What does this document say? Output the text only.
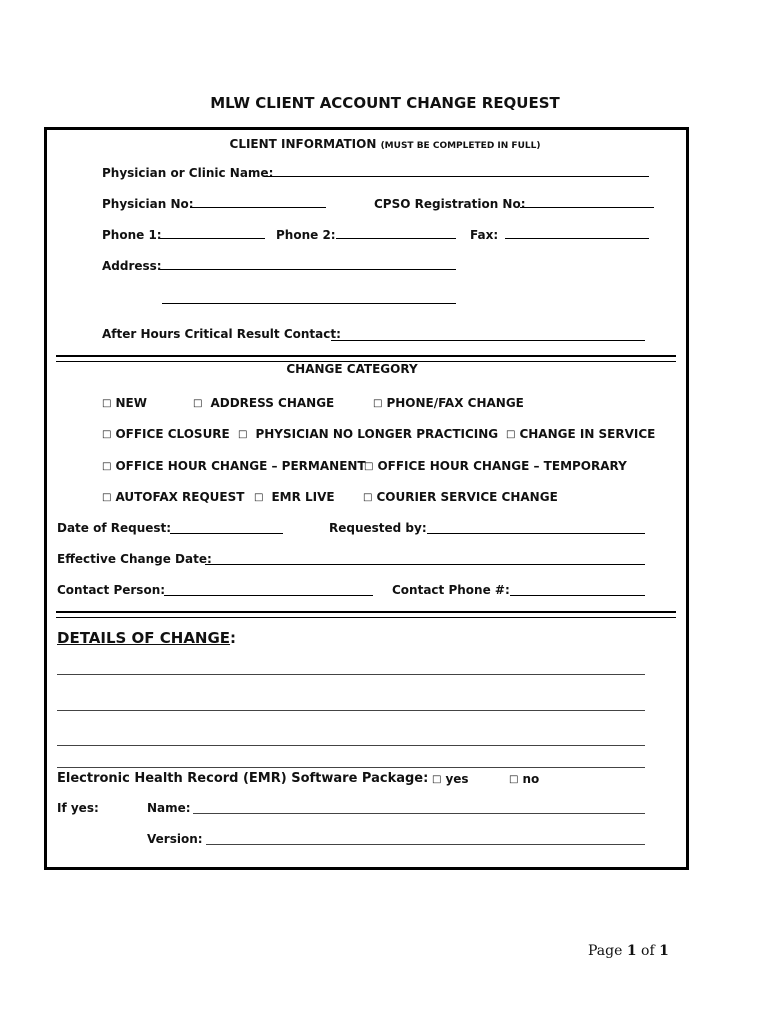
MLW CLIENT ACCOUNT CHANGE REQUEST
CLIENT INFORMATION (MUST BE COMPLETED IN FULL)
Physician or Clinic Name:
Physician No:	CPSO Registration No:
Phone 1:	Phone 2:	Fax:
Address:
After Hours Critical Result Contact:
CHANGE CATEGORY
□ NEW	□ ADDRESS CHANGE	□ PHONE/FAX CHANGE
□ OFFICE CLOSURE □ PHYSICIAN NO LONGER PRACTICING □ CHANGE IN SERVICE
□ OFFICE HOUR CHANGE – PERMANENT
□ OFFICE HOUR CHANGE – TEMPORARY
□ AUTOFAX REQUEST □ EMR LIVE	□ COURIER SERVICE CHANGE
Date of Request:	Requested by:
Effective Change Date:
Contact Person:	Contact Phone #:
DETAILS OF CHANGE:
Electronic Health Record (EMR) Software Package: □ yes	□ no
If yes:	Name:
Version:
Page 1 of 1
